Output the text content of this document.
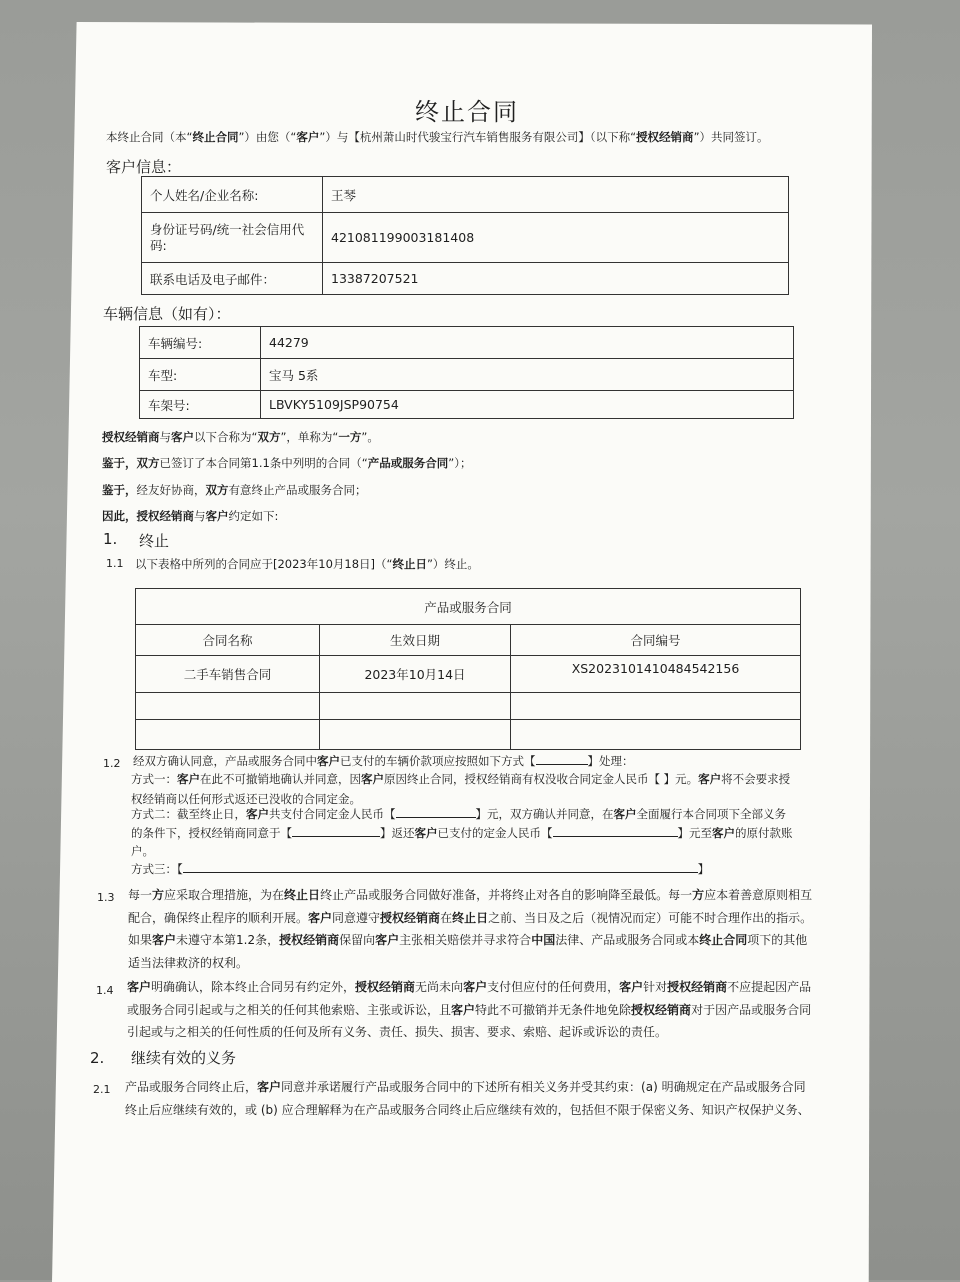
终止合同
本终止合同（本“终止合同”）由您（“客户”）与【杭州萧山时代骏宝行汽车销售服务有限公司】（以下称“授权经销商”）共同签订。
客户信息：
个人姓名/企业名称:	王琴
身份证号码/统一社会信用代码:	421081199003181408
联系电话及电子邮件：	13387207521
车辆信息（如有）：
车辆编号:	44279
车型:	宝马 5系
车架号:	LBVKY5109JSP90754
授权经销商与客户以下合称为“双方”，单称为“一方”。
鉴于，双方已签订了本合同第1.1条中列明的合同（“产品或服务合同”）；
鉴于，经友好协商，双方有意终止产品或服务合同；
因此，授权经销商与客户约定如下:
1. 终止
1.1 以下表格中所列的合同应于[2023年10月18日]（“终止日”）终止。
产品或服务合同		
合同名称	生效日期	合同编号
二手车销售合同	2023年10月14日	XS2023101410484542156

1.2 经双方确认同意，产品或服务合同中客户已支付的车辆价款项应按照如下方式【	】处理：
方式一：客户在此不可撤销地确认并同意，因客户原因终止合同，授权经销商有权没收合同定金人民币【 】元。客户将不会要求授
权经销商以任何形式返还已没收的合同定金。
方式二：截至终止日，客户共支付合同定金人民币【	】元，双方确认并同意，在客户全面履行本合同项下全部义务
的条件下，授权经销商同意于【	】返还客户已支付的定金人民币【	】元至客户的原付款账
户。
方式三：【	】
1.3 每一方应采取合理措施，为在终止日终止产品或服务合同做好准备，并将终止对各自的影响降至最低。每一方应本着善意原则相互
配合，确保终止程序的顺利开展。客户同意遵守授权经销商在终止日之前、当日及之后（视情况而定）可能不时合理作出的指示。
如果客户未遵守本第1.2条，授权经销商保留向客户主张相关赔偿并寻求符合中国法律、产品或服务合同或本终止合同项下的其他
适当法律救济的权利。
1.4 客户明确确认，除本终止合同另有约定外，授权经销商无尚未向客户支付但应付的任何费用，客户针对授权经销商不应提起因产品
或服务合同引起或与之相关的任何其他索赔、主张或诉讼，且客户特此不可撤销并无条件地免除授权经销商对于因产品或服务合同
引起或与之相关的任何性质的任何及所有义务、责任、损失、损害、要求、索赔、起诉或诉讼的责任。
2. 继续有效的义务
2.1 产品或服务合同终止后，客户同意并承诺履行产品或服务合同中的下述所有相关义务并受其约束：(a) 明确规定在产品或服务合同
终止后应继续有效的，或 (b) 应合理解释为在产品或服务合同终止后应继续有效的，包括但不限于保密义务、知识产权保护义务、
